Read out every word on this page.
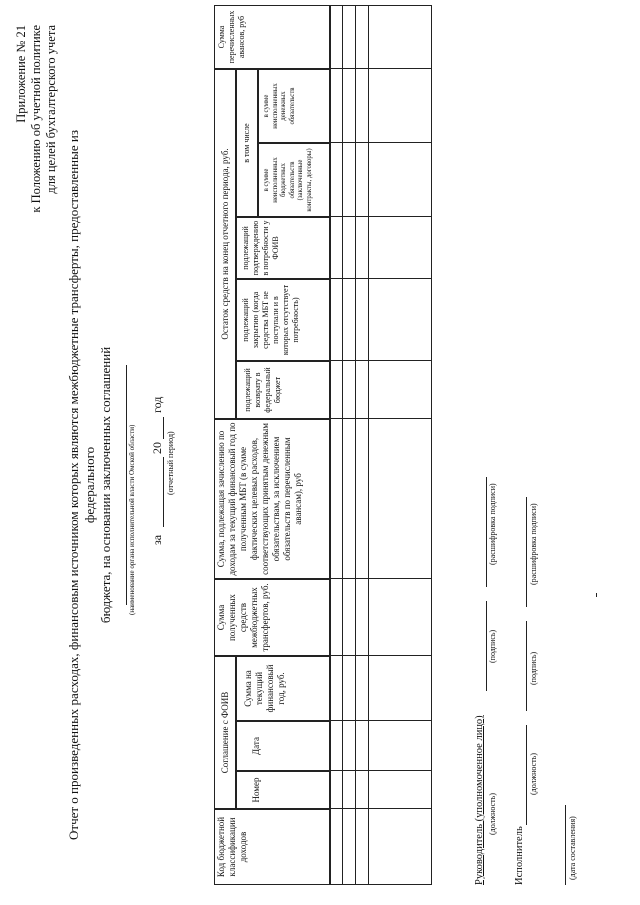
Приложение № 21 к Положению об учетной политике для целей бухгалтерского учета
Отчет о произведенных расходах, финансовым источником которых являются межбюджетные трансферты, предоставленные из федерального бюджета, на основании заключенных соглашений (наименование органа исполнительной власти Омской области) за
20
год
(отчетный период)
Код бюджетной классификации доходов
Соглашение с ФОИВ
Номер
Дата
Сумма на текущий финансовый год, руб.
Сумма полученных средств межбюджетных трансфертов, руб.
Сумма, подлежащая зачислению по доходам за текущий финансовый год по полученным МБТ (в сумме фактических целевых расходов, соответствующих принятым денежным обязательствам, за исключением обязательств по перечисленным авансам), руб
Остаток средств на конец отчетного периода, руб.
подлежащий возврату в федеральный бюджет
подлежащий закрытию (когда средства МБТ не поступали и в которых отсутствует потребность)
подлежащий подтверждению в потребности у ФОИВ
в том числе
в сумме неисполненных бюджетных обязательств (заключенные контракты, договоры)
в сумме неисполненных денежных обязательств
Сумма перечисленных авансов, руб
Руководитель (уполномоченное лицо) (должность)
(подпись)
(расшифровка подписи)
Исполнитель
(должность)
(подпись)
(расшифровка подписи)
(дата составления)
